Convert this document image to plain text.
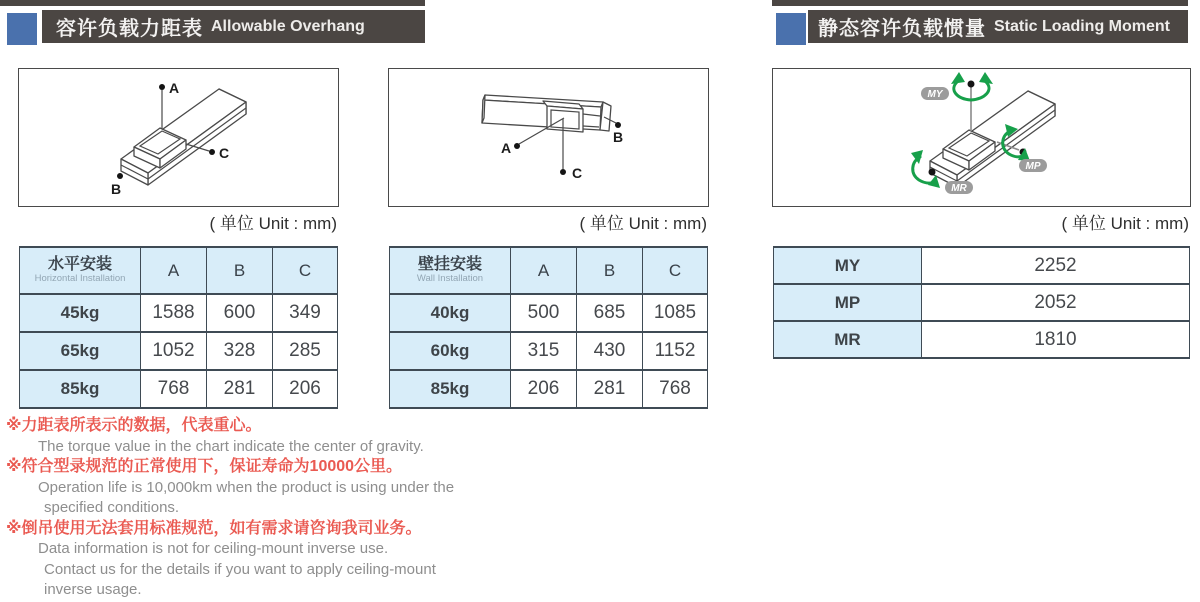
容许负载力距表 Allowable Overhang	静态容许负载惯量 Static Loading Moment
A
C
B
( 单位 Unit : mm)
A
C
B
( 单位 Unit : mm)
MY
MP
MR
( 单位 Unit : mm)
水平安装
Horizontal Installation	A	B	C
45kg	1588	600	349
65kg	1052	328	285
85kg	768	281	206
壁挂安装
Wall Installation	A	B	C
40kg	500	685	1085
60kg	315	430	1152
85kg	206	281	768
MY	2252
MP	2052
MR	1810
※力距表所表示的数据，代表重心。
The torque value in the chart indicate the center of gravity.
※符合型录规范的正常使用下，保证寿命为10000公里。
Operation life is 10,000km when the product is using under the
specified conditions.
※倒吊使用无法套用标准规范，如有需求请咨询我司业务。
Data information is not for ceiling-mount inverse use.
Contact us for the details if you want to apply ceiling-mount
inverse usage.
